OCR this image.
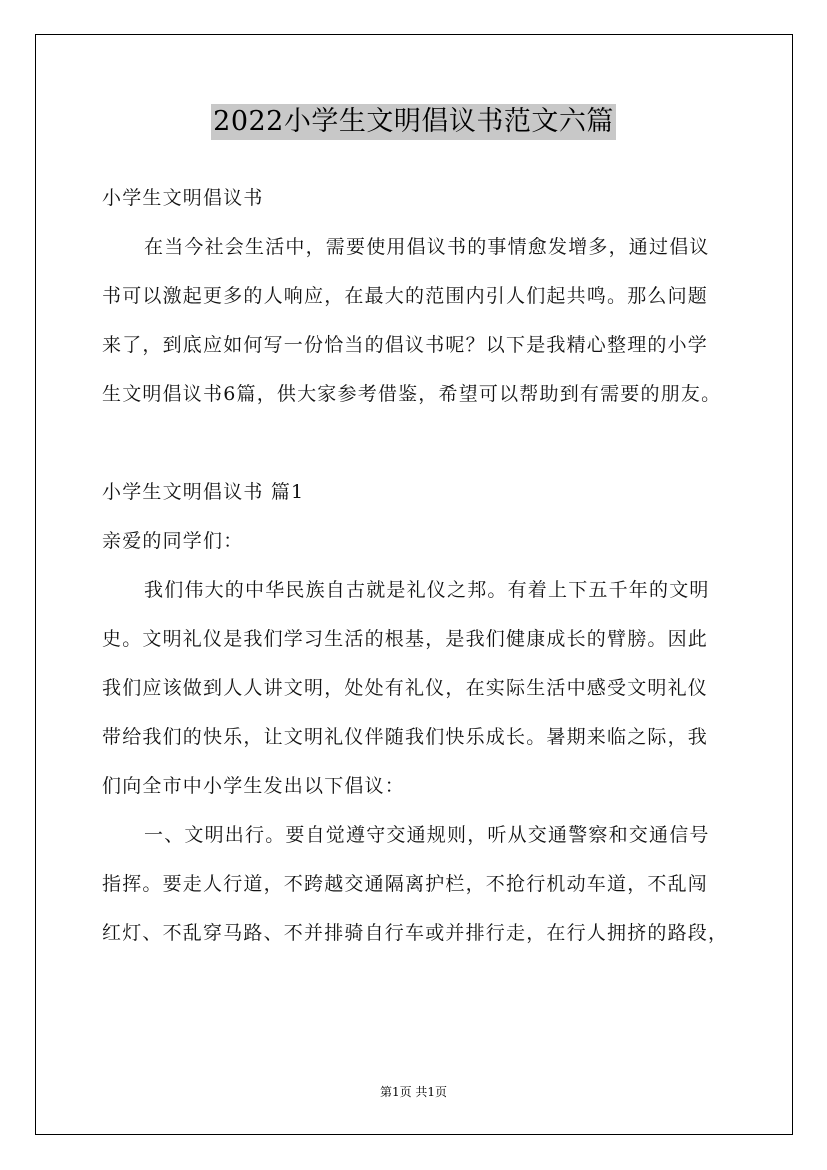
2022小学生文明倡议书范文六篇
小学生文明倡议书
在当今社会生活中，需要使用倡议书的事情愈发增多，通过倡议
书可以激起更多的人响应，在最大的范围内引人们起共鸣。那么问题
来了，到底应如何写一份恰当的倡议书呢？以下是我精心整理的小学
生文明倡议书6篇，供大家参考借鉴，希望可以帮助到有需要的朋友。
小学生文明倡议书 篇1
亲爱的同学们：
我们伟大的中华民族自古就是礼仪之邦。有着上下五千年的文明
史。文明礼仪是我们学习生活的根基，是我们健康成长的臂膀。因此
我们应该做到人人讲文明，处处有礼仪，在实际生活中感受文明礼仪
带给我们的快乐，让文明礼仪伴随我们快乐成长。暑期来临之际，我
们向全市中小学生发出以下倡议：
一、文明出行。要自觉遵守交通规则，听从交通警察和交通信号
指挥。要走人行道，不跨越交通隔离护栏，不抢行机动车道，不乱闯
红灯、不乱穿马路、不并排骑自行车或并排行走，在行人拥挤的路段，
第1页 共1页
